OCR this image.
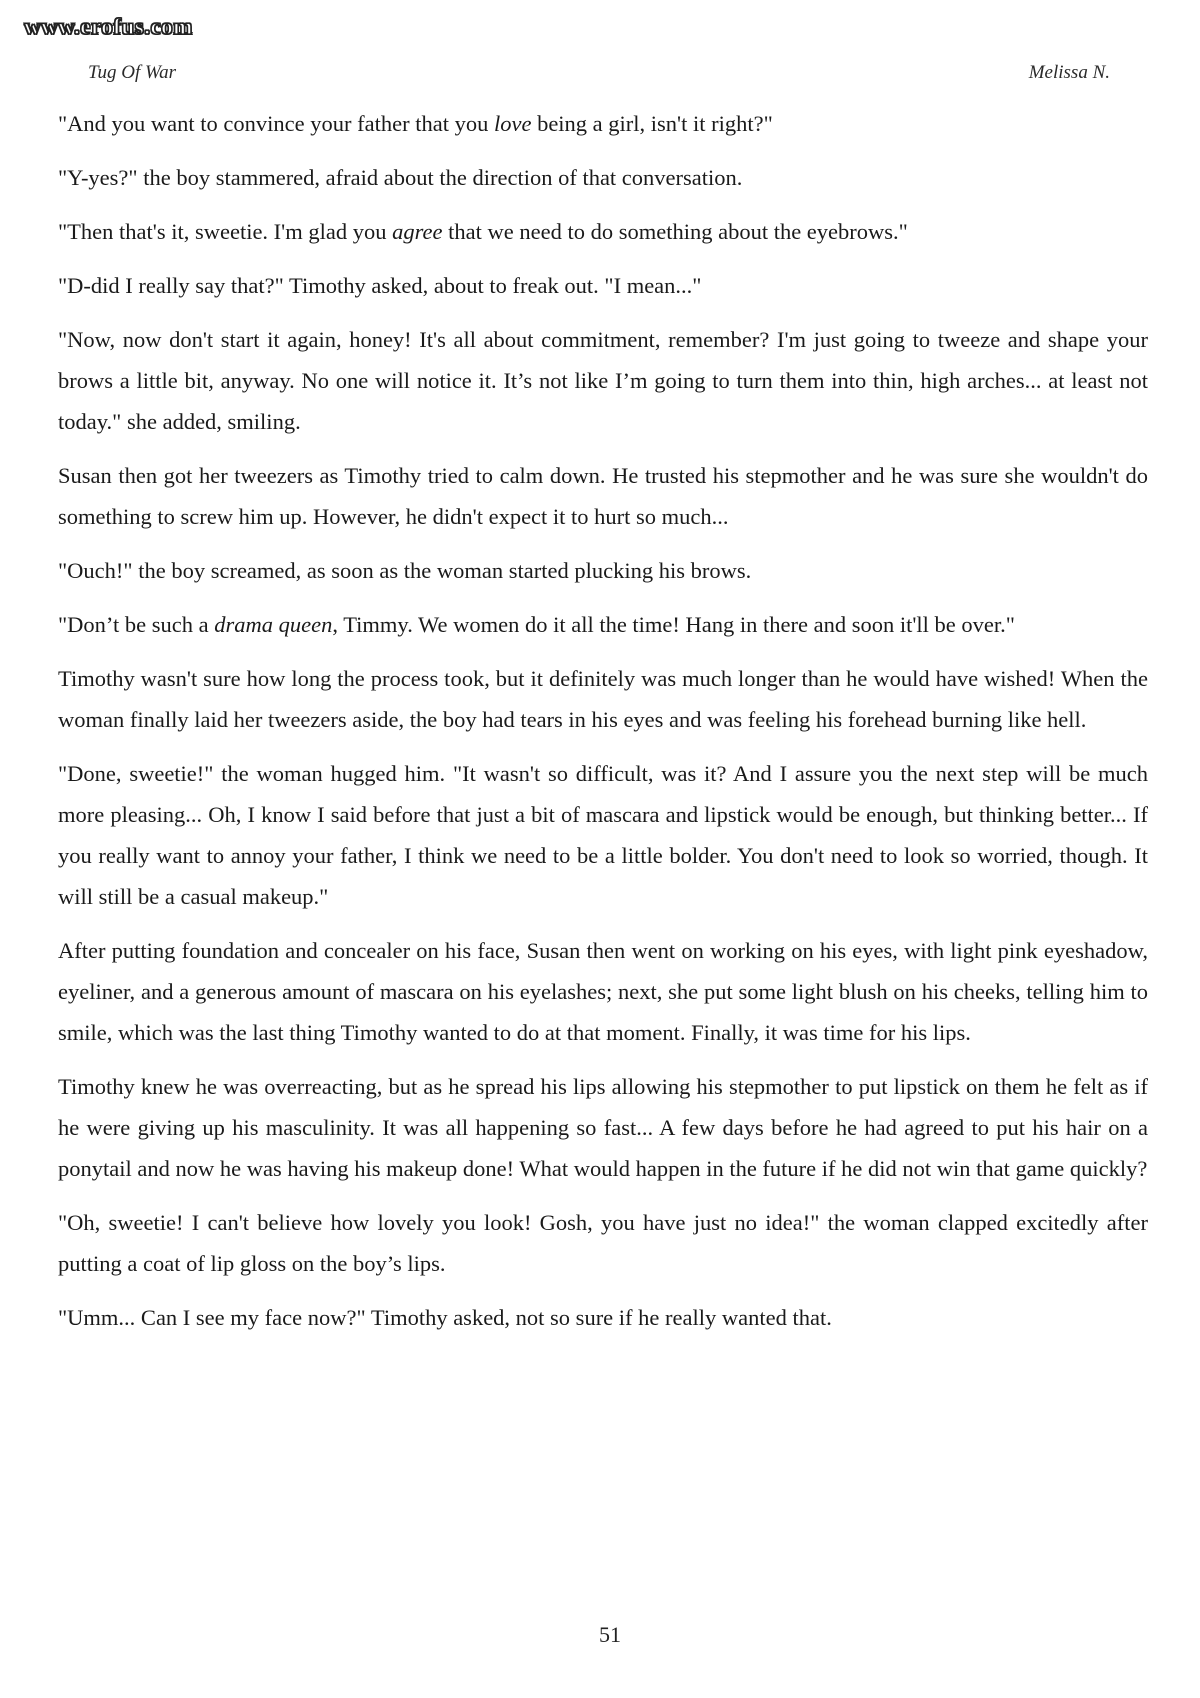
www.erofus.com
Tug Of War	Melissa N.

"And you want to convince your father that you love being a girl, isn't it right?"

"Y-yes?" the boy stammered, afraid about the direction of that conversation.

"Then that's it, sweetie. I'm glad you agree that we need to do something about the eyebrows."

"D-did I really say that?" Timothy asked, about to freak out. "I mean..."

"Now, now don't start it again, honey! It's all about commitment, remember? I'm just going to tweeze and shape your brows a little bit, anyway. No one will notice it. It’s not like I’m going to turn them into thin, high arches... at least not today." she added, smiling.

Susan then got her tweezers as Timothy tried to calm down. He trusted his stepmother and he was sure she wouldn't do something to screw him up. However, he didn't expect it to hurt so much...

"Ouch!" the boy screamed, as soon as the woman started plucking his brows.

"Don’t be such a drama queen, Timmy. We women do it all the time! Hang in there and soon it'll be over."

Timothy wasn't sure how long the process took, but it definitely was much longer than he would have wished! When the woman finally laid her tweezers aside, the boy had tears in his eyes and was feeling his forehead burning like hell.

"Done, sweetie!" the woman hugged him. "It wasn't so difficult, was it? And I assure you the next step will be much more pleasing... Oh, I know I said before that just a bit of mascara and lipstick would be enough, but thinking better... If you really want to annoy your father, I think we need to be a little bolder. You don't need to look so worried, though. It will still be a casual makeup."

After putting foundation and concealer on his face, Susan then went on working on his eyes, with light pink eyeshadow, eyeliner, and a generous amount of mascara on his eyelashes; next, she put some light blush on his cheeks, telling him to smile, which was the last thing Timothy wanted to do at that moment. Finally, it was time for his lips.

Timothy knew he was overreacting, but as he spread his lips allowing his stepmother to put lipstick on them he felt as if he were giving up his masculinity. It was all happening so fast... A few days before he had agreed to put his hair on a ponytail and now he was having his makeup done! What would happen in the future if he did not win that game quickly?

"Oh, sweetie! I can't believe how lovely you look! Gosh, you have just no idea!" the woman clapped excitedly after putting a coat of lip gloss on the boy’s lips.

"Umm... Can I see my face now?" Timothy asked, not so sure if he really wanted that.

51
